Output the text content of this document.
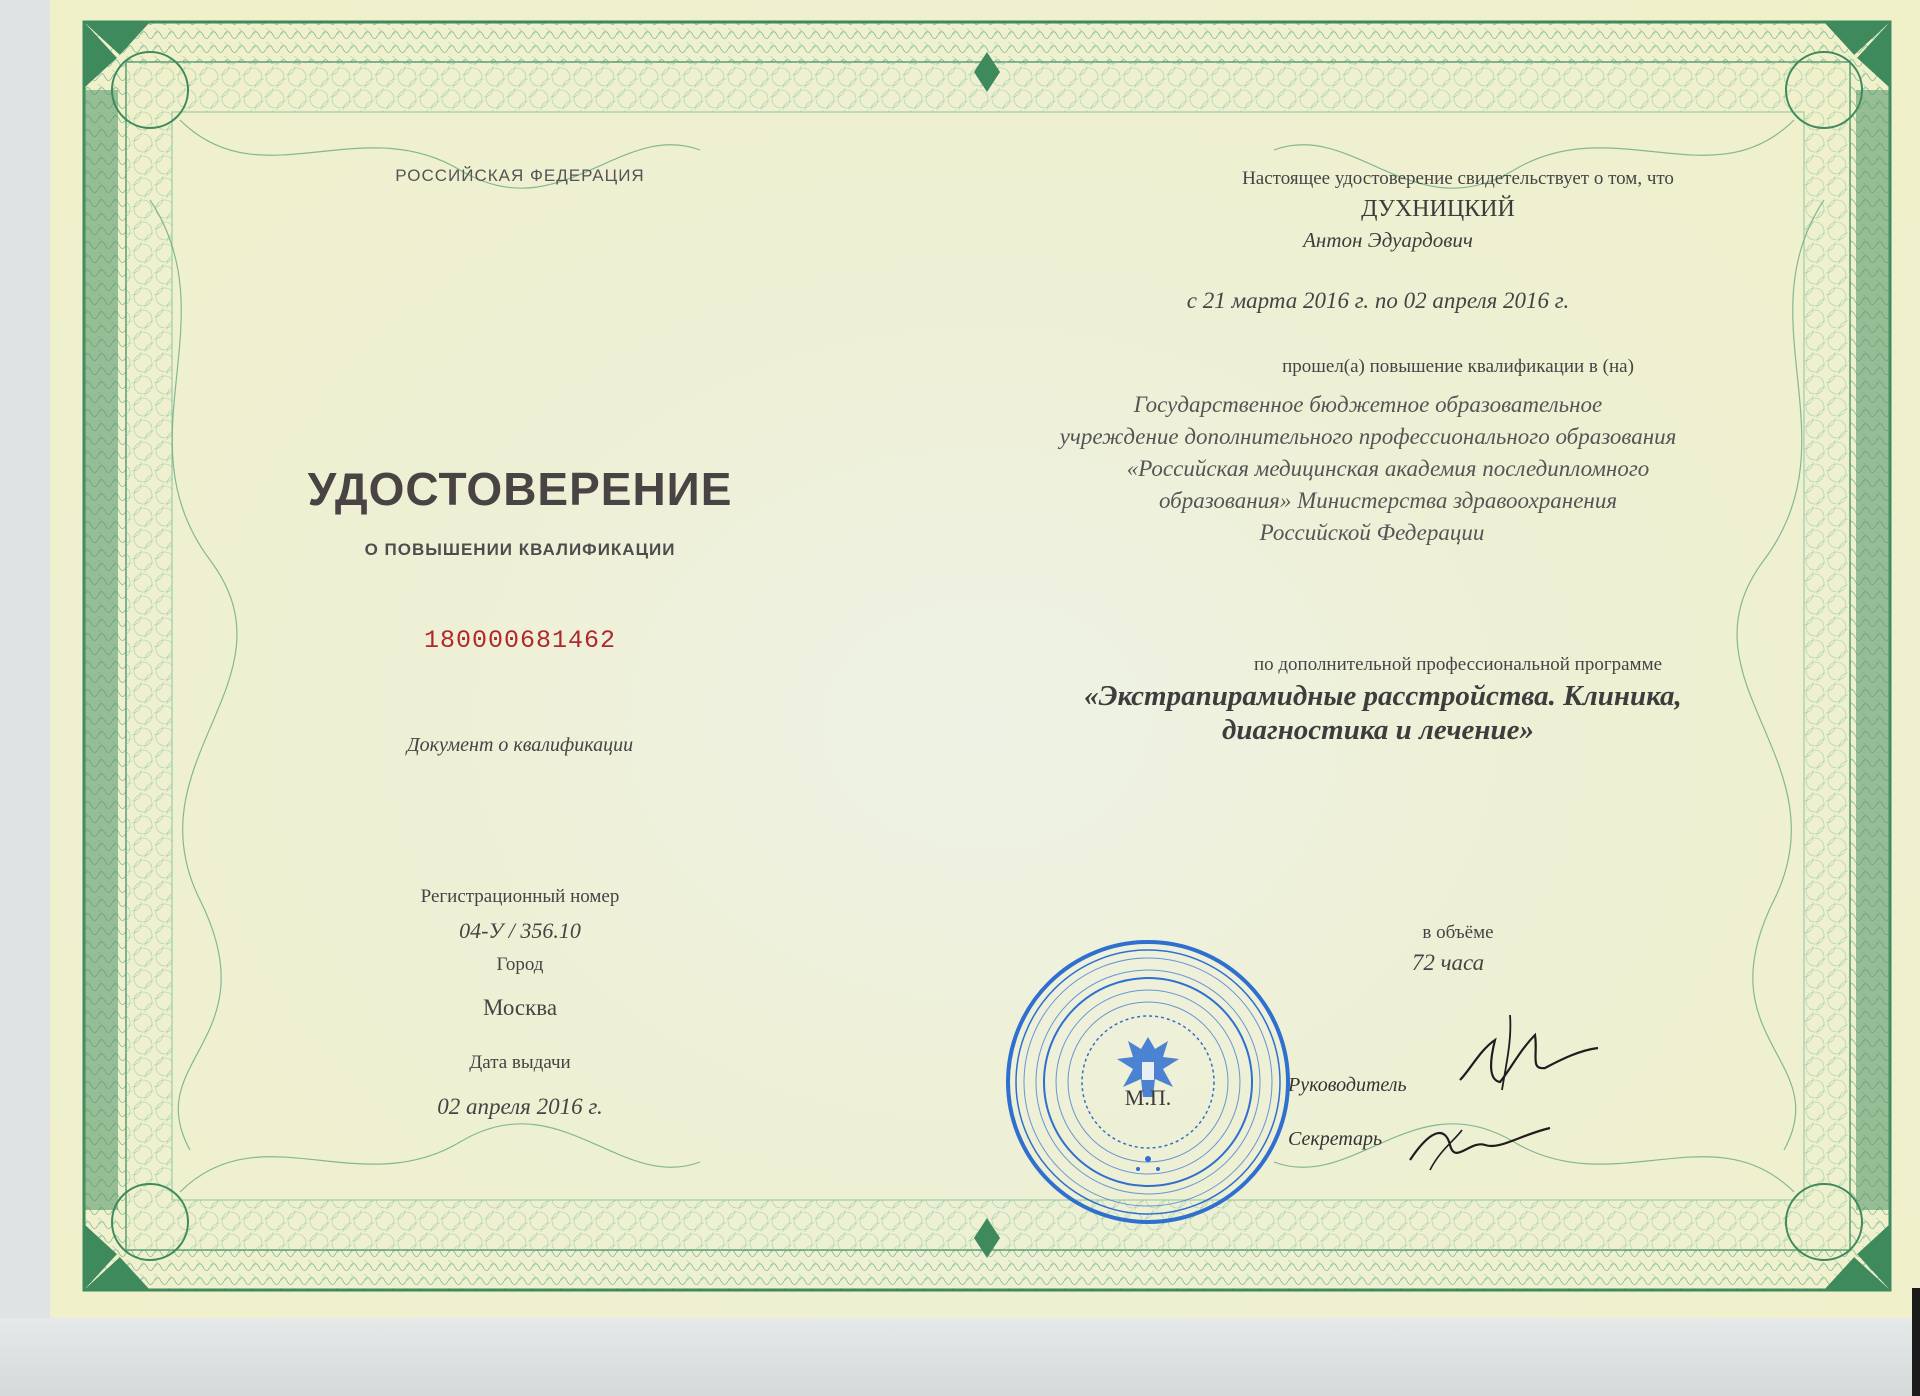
РОССИЙСКАЯ ФЕДЕРАЦИЯ
УДОСТОВЕРЕНИЕ
О ПОВЫШЕНИИ КВАЛИФИКАЦИИ
180000681462
Документ о квалификации
Регистрационный номер
04-У / 356.10
Город
Москва
Дата выдачи
02 апреля 2016 г.
Настоящее удостоверение свидетельствует о том, что
ДУХНИЦКИЙ
Антон Эдуардович
с 21 марта 2016 г. по 02 апреля 2016 г.
прошел(а) повышение квалификации в (на)
Государственное бюджетное образовательное
учреждение дополнительного профессионального образования
«Российская медицинская академия последипломного
образования» Министерства здравоохранения
Российской Федерации
по дополнительной профессиональной программе
«Экстрапирамидные расстройства. Клиника,
диагностика и лечение»
в объёме
72 часа
Руководитель
Секретарь
М.П.
